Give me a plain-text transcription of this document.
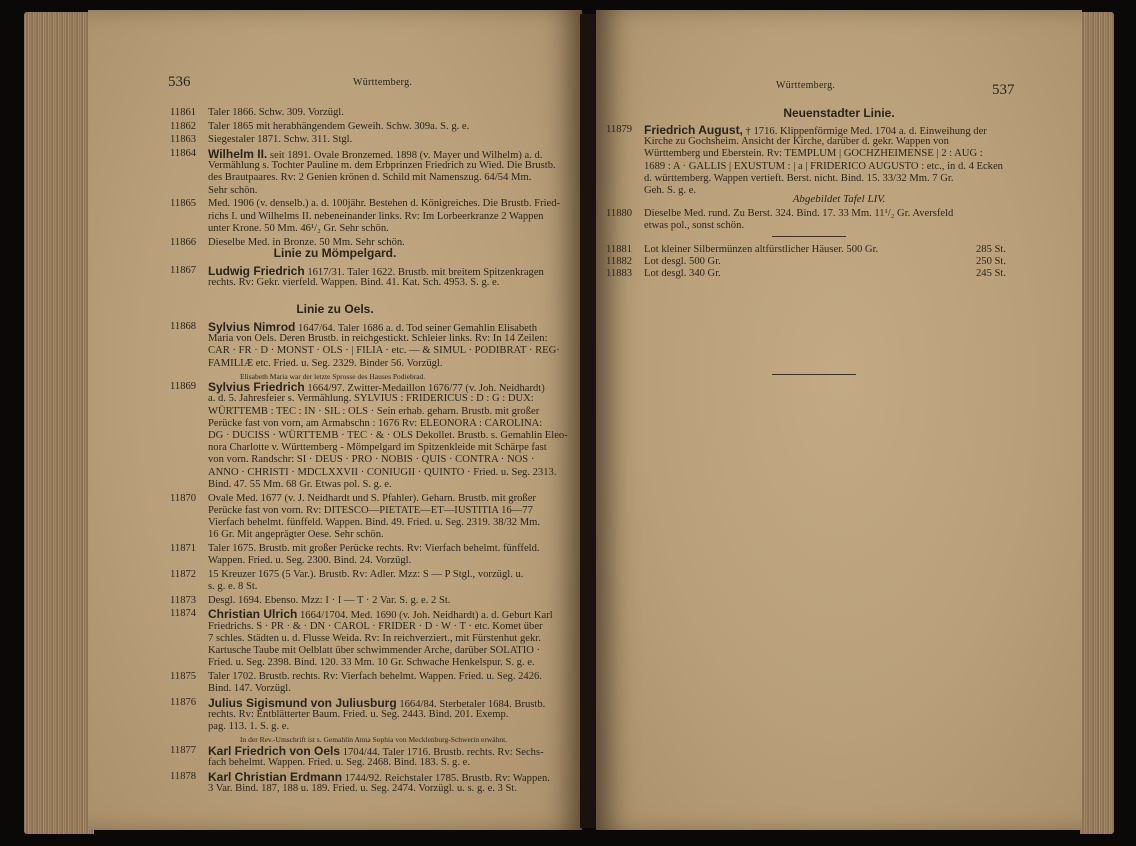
536	Württemberg.
11861	Taler 1866. Schw. 309. Vorzügl.
11862	Taler 1865 mit herabhängendem Geweih. Schw. 309a. S. g. e.
11863	Siegestaler 1871. Schw. 311. Stgl.
11864 Wilhelm II. seit 1891. Ovale Bronzemed. 1898 (v. Mayer und Wilhelm) a. d.
Vermählung s. Tochter Pauline m. dem Erbprinzen Friedrich zu Wied. Die Brustb.
des Brautpaares. Rv: 2 Genien krönen d. Schild mit Namenszug. 64/54 Mm.
Sehr schön.
11865	Med. 1906 (v. denselb.) a. d. 100jähr. Bestehen d. Königreiches. Die Brustb. Fried-
richs I. und Wilhelms II. nebeneinander links. Rv: Im Lorbeerkranze 2 Wappen
unter Krone. 50 Mm. 46¹/₂ Gr. Sehr schön.
11866	Dieselbe Med. in Bronze. 50 Mm. Sehr schön.
Linie zu Mömpelgard.
11867 Ludwig Friedrich 1617/31. Taler 1622. Brustb. mit breitem Spitzenkragen
rechts. Rv: Gekr. vierfeld. Wappen. Bind. 41. Kat. Sch. 4953. S. g. e.
Linie zu Oels.
11868 Sylvius Nimrod 1647/64. Taler 1686 a. d. Tod seiner Gemahlin Elisabeth
Maria von Oels. Deren Brustb. in reichgestickt. Schleier links. Rv: In 14 Zeilen:
CAR · FR · D · MONST · OLS · | FILIA · etc. — & SIMUL · PODIBRAT · REG·
FAMILIÆ etc. Fried. u. Seg. 2329. Binder 56. Vorzügl.
Elisabeth Maria war der letzte Sprosse des Hauses Podiebrad.
11869 Sylvius Friedrich 1664/97. Zwitter-Medaillon 1676/77 (v. Joh. Neidhardt)
a. d. 5. Jahresfeier s. Vermählung. SYLVIUS : FRIDERICUS : D : G : DUX:
WÜRTTEMB : TEC : IN · SIL : OLS · Sein erhab. geharn. Brustb. mit großer
Perücke fast von vorn, am Armabschn : 1676 Rv: ELEONORA : CAROLINA:
DG · DUCISS · WÜRTTEMB · TEC · & · OLS Dekollet. Brustb. s. Gemahlin Eleo-
nora Charlotte v. Württemberg - Mömpelgard im Spitzenkleide mit Schärpe fast
von vorn. Randschr: SI · DEUS · PRO · NOBIS · QUIS · CONTRA · NOS ·
ANNO · CHRISTI · MDCLXXVII · CONIUGII · QUINTO · Fried. u. Seg. 2313.
Bind. 47. 55 Mm. 68 Gr. Etwas pol. S. g. e.
11870	Ovale Med. 1677 (v. J. Neidhardt und S. Pfahler). Geharn. Brustb. mit großer
Perücke fast von vorn. Rv: DITESCO—PIETATE—ET—IUSTITIA 16—77
Vierfach behelmt. fünffeld. Wappen. Bind. 49. Fried. u. Seg. 2319. 38/32 Mm.
16 Gr. Mit angeprägter Oese. Sehr schön.
11871	Taler 1675. Brustb. mit großer Perücke rechts. Rv: Vierfach behelmt. fünffeld.
Wappen. Fried. u. Seg. 2300. Bind. 24. Vorzügl.
11872	15 Kreuzer 1675 (5 Var.). Brustb. Rv: Adler. Mzz: S — P Stgl., vorzügl. u.
s. g. e. 8 St.
11873	Desgl. 1694. Ebenso. Mzz: I · I — T · 2 Var. S. g. e. 2 St.
11874 Christian Ulrich 1664/1704. Med. 1690 (v. Joh. Neidhardt) a. d. Geburt Karl
Friedrichs. S · PR · & · DN · CAROL · FRIDER · D · W · T · etc. Komet über
7 schles. Städten u. d. Flusse Weida. Rv: In reichverziert., mit Fürstenhut gekr.
Kartusche Taube mit Oelblatt über schwimmender Arche, darüber SOLATIO ·
Fried. u. Seg. 2398. Bind. 120. 33 Mm. 10 Gr. Schwache Henkelspur. S. g. e.
11875	Taler 1702. Brustb. rechts. Rv: Vierfach behelmt. Wappen. Fried. u. Seg. 2426.
Bind. 147. Vorzügl.
11876 Julius Sigismund von Juliusburg 1664/84. Sterbetaler 1684. Brustb.
rechts. Rv: Entblätterter Baum. Fried. u. Seg. 2443. Bind. 201. Exemp.
pag. 113. 1. S. g. e.
In der Rev.-Umschrift ist s. Gemahlin Anna Sophia von Mecklenburg-Schwerin erwähnt.
11877 Karl Friedrich von Oels 1704/44. Taler 1716. Brustb. rechts. Rv: Sechs-
fach behelmt. Wappen. Fried. u. Seg. 2468. Bind. 183. S. g. e.
11878 Karl Christian Erdmann 1744/92. Reichstaler 1785. Brustb. Rv: Wappen.
3 Var. Bind. 187, 188 u. 189. Fried. u. Seg. 2474. Vorzügl. u. s. g. e. 3 St.
Württemberg.	537
Neuenstadter Linie.
11879 Friedrich August, † 1716. Klippenförmige Med. 1704 a. d. Einweihung der
Kirche zu Gochsheim. Ansicht der Kirche, darüber d. gekr. Wappen von
Württemberg und Eberstein. Rv: TEMPLUM | GOCHZHEIMENSE | 2 : AUG :
1689 : A · GALLIS | EXUSTUM : | a | FRIDERICO AUGUSTO : etc., in d. 4 Ecken
d. württemberg. Wappen vertieft. Berst. nicht. Bind. 15. 33/32 Mm. 7 Gr.
Geh. S. g. e.
Abgebildet Tafel LIV.
11880	Dieselbe Med. rund. Zu Berst. 324. Bind. 17. 33 Mm. 11¹/₂ Gr. Aversfeld
etwas pol., sonst schön.
11881	Lot kleiner Silbermünzen altfürstlicher Häuser. 500 Gr.	285 St.
11882	Lot desgl. 500 Gr.	250 St.
11883	Lot desgl. 340 Gr.	245 St.
